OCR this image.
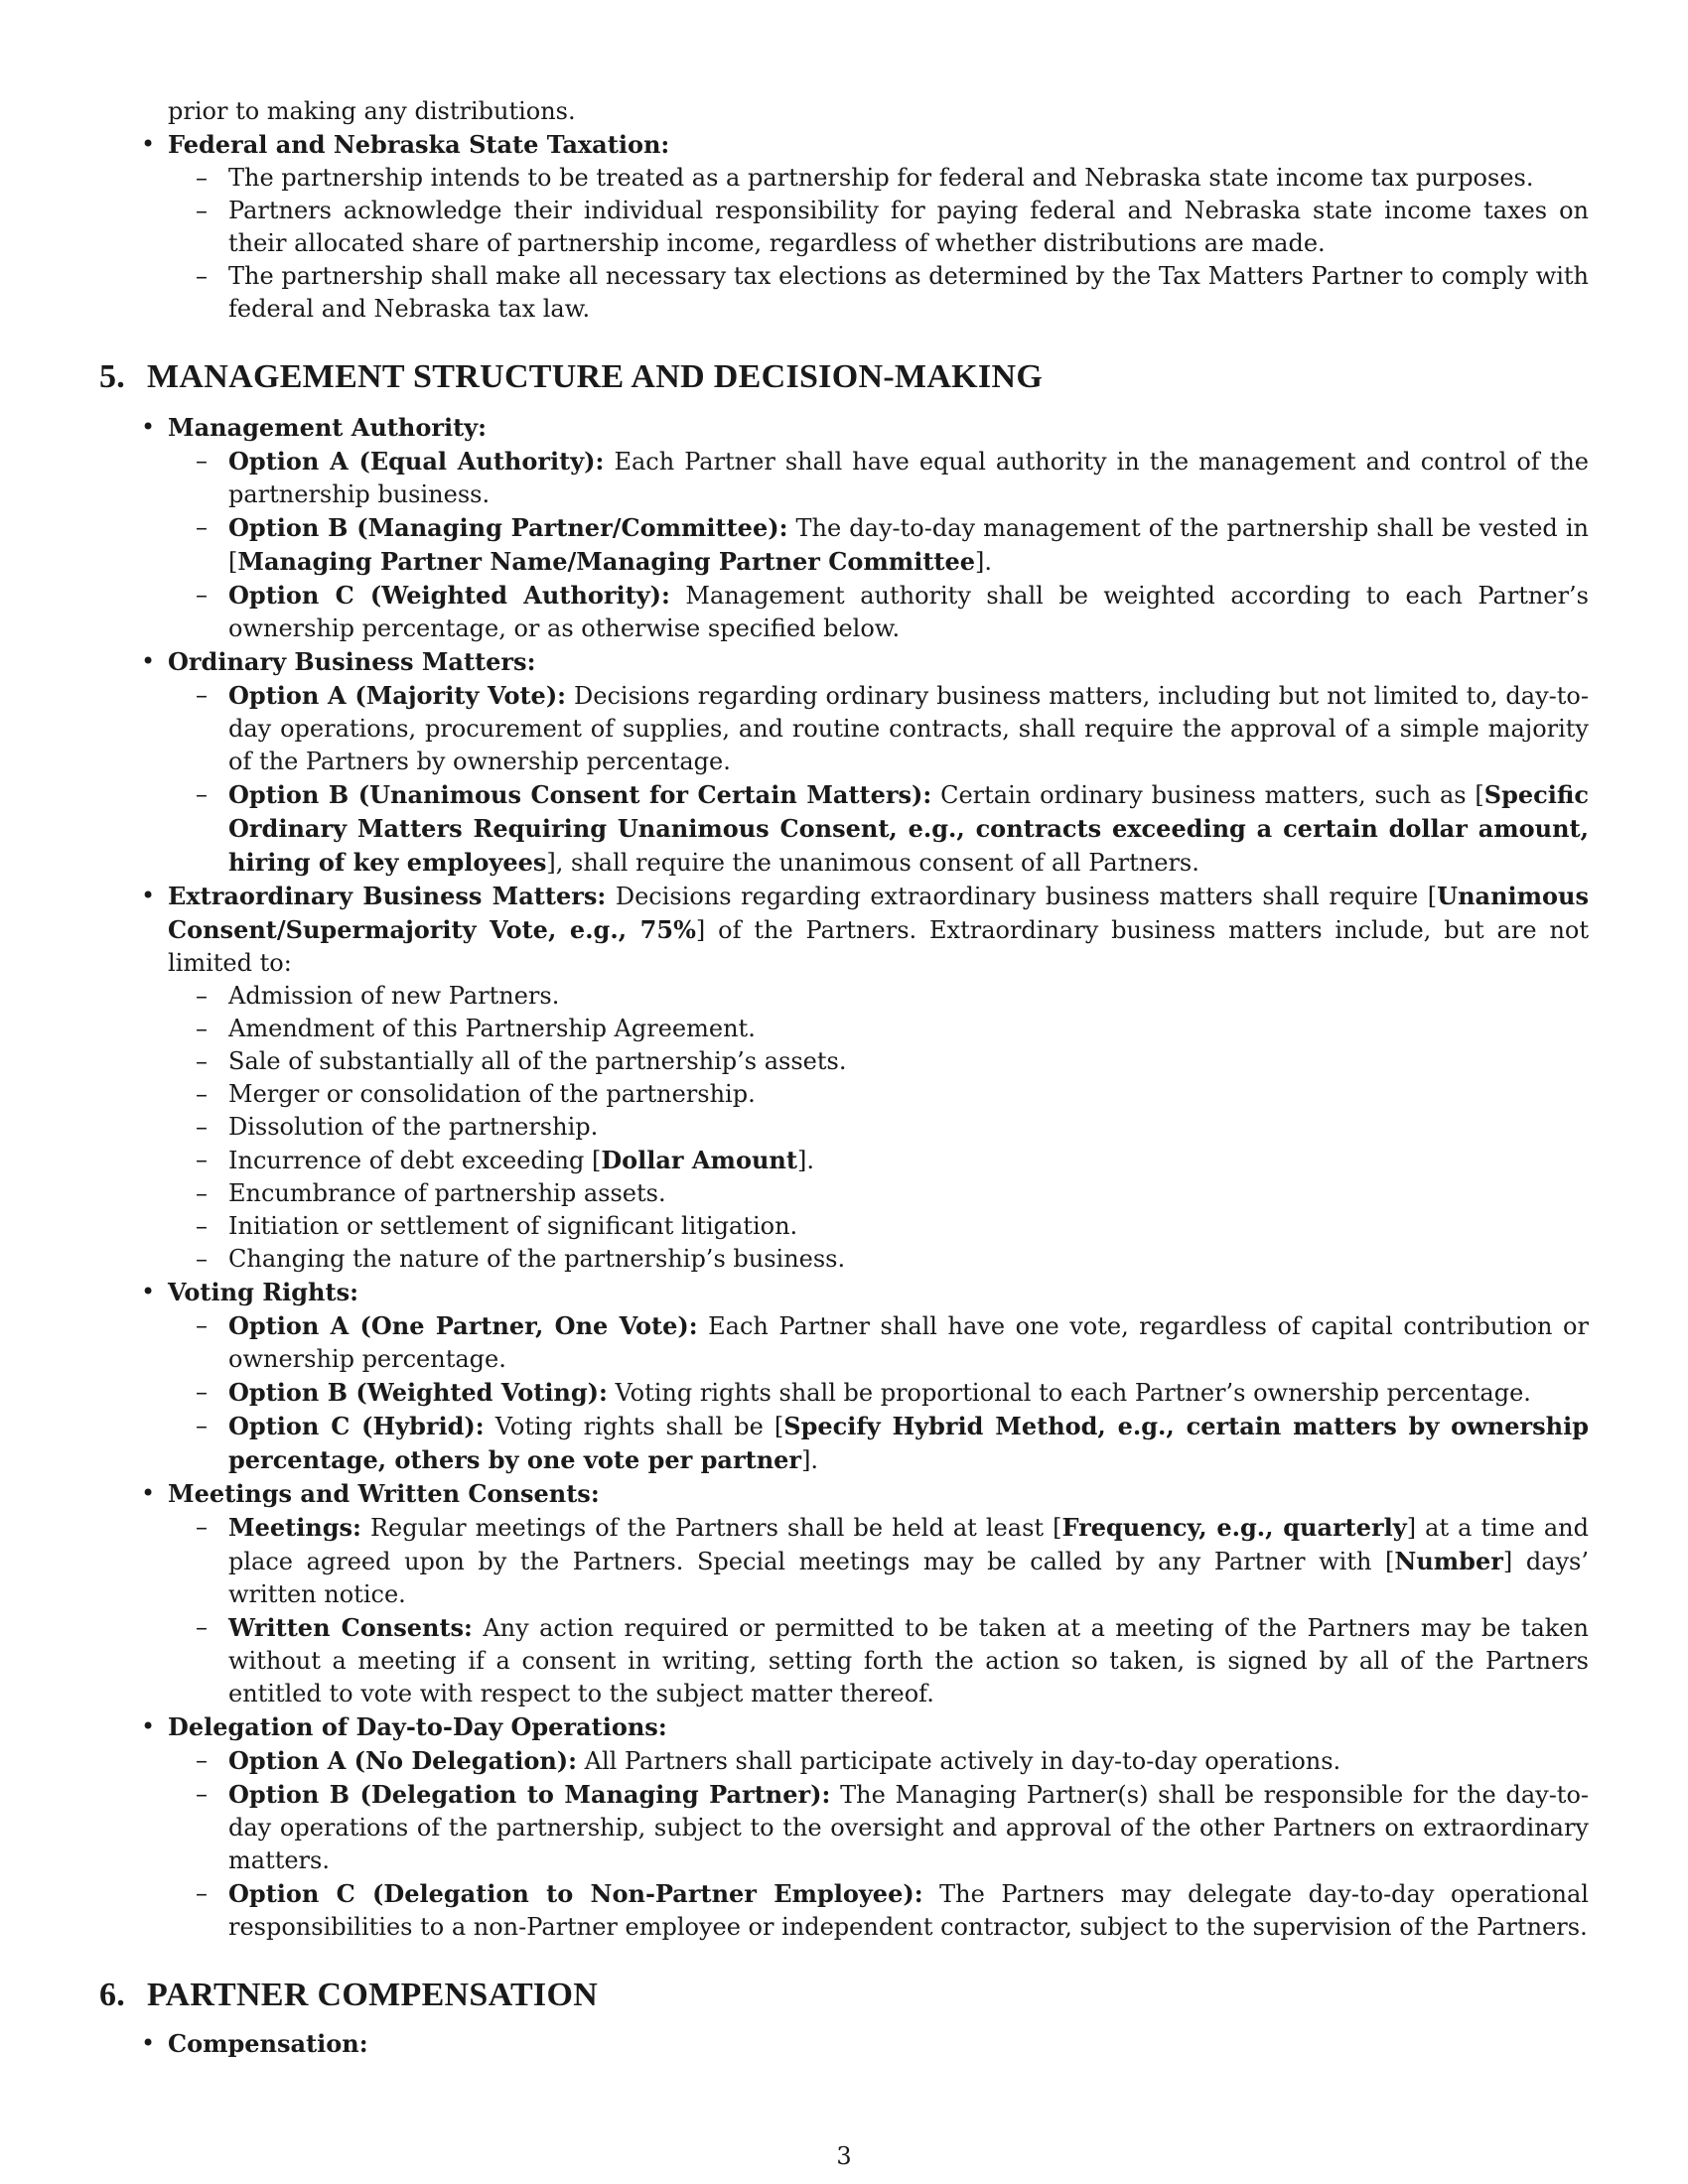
prior to making any distributions.
• Federal and Nebraska State Taxation:
– The partnership intends to be treated as a partnership for federal and Nebraska state income tax purposes.
– Partners acknowledge their individual responsibility for paying federal and Nebraska state income taxes on their allocated share of partnership income, regardless of whether distributions are made.
– The partnership shall make all necessary tax elections as determined by the Tax Matters Partner to comply with federal and Nebraska tax law.
5. MANAGEMENT STRUCTURE AND DECISION-MAKING
• Management Authority:
– Option A (Equal Authority): Each Partner shall have equal authority in the management and control of the partnership business.
– Option B (Managing Partner/Committee): The day-to-day management of the partnership shall be vested in [Managing Partner Name/Managing Partner Committee].
– Option C (Weighted Authority): Management authority shall be weighted according to each Partner’s ownership percentage, or as otherwise specified below.
• Ordinary Business Matters:
– Option A (Majority Vote): Decisions regarding ordinary business matters, including but not limited to, day-to-day operations, procurement of supplies, and routine contracts, shall require the approval of a simple majority of the Partners by ownership percentage.
– Option B (Unanimous Consent for Certain Matters): Certain ordinary business matters, such as [Specific Ordinary Matters Requiring Unanimous Consent, e.g., contracts exceeding a certain dollar amount, hiring of key employees], shall require the unanimous consent of all Partners.
• Extraordinary Business Matters: Decisions regarding extraordinary business matters shall require [Unanimous Consent/Supermajority Vote, e.g., 75%] of the Partners. Extraordinary business matters include, but are not limited to:
– Admission of new Partners.
– Amendment of this Partnership Agreement.
– Sale of substantially all of the partnership’s assets.
– Merger or consolidation of the partnership.
– Dissolution of the partnership.
– Incurrence of debt exceeding [Dollar Amount].
– Encumbrance of partnership assets.
– Initiation or settlement of significant litigation.
– Changing the nature of the partnership’s business.
• Voting Rights:
– Option A (One Partner, One Vote): Each Partner shall have one vote, regardless of capital contribution or ownership percentage.
– Option B (Weighted Voting): Voting rights shall be proportional to each Partner’s ownership percentage.
– Option C (Hybrid): Voting rights shall be [Specify Hybrid Method, e.g., certain matters by ownership percentage, others by one vote per partner].
• Meetings and Written Consents:
– Meetings: Regular meetings of the Partners shall be held at least [Frequency, e.g., quarterly] at a time and place agreed upon by the Partners. Special meetings may be called by any Partner with [Number] days’ written notice.
– Written Consents: Any action required or permitted to be taken at a meeting of the Partners may be taken without a meeting if a consent in writing, setting forth the action so taken, is signed by all of the Partners entitled to vote with respect to the subject matter thereof.
• Delegation of Day-to-Day Operations:
– Option A (No Delegation): All Partners shall participate actively in day-to-day operations.
– Option B (Delegation to Managing Partner): The Managing Partner(s) shall be responsible for the day-to-day operations of the partnership, subject to the oversight and approval of the other Partners on extraordinary matters.
– Option C (Delegation to Non-Partner Employee): The Partners may delegate day-to-day operational responsibilities to a non-Partner employee or independent contractor, subject to the supervision of the Partners.
6. PARTNER COMPENSATION
• Compensation:
3
